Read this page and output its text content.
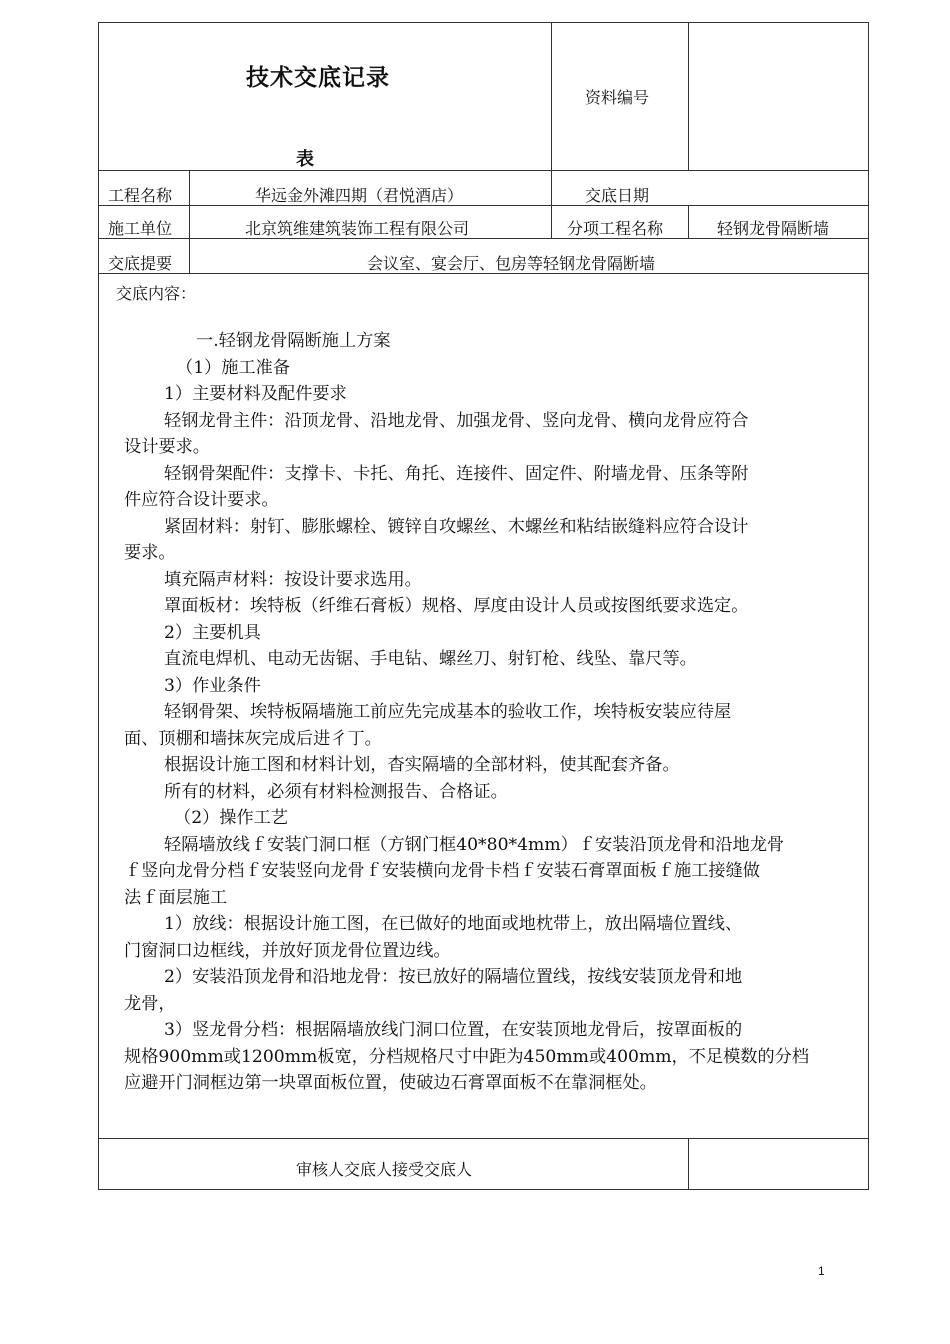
技术交底记录
表
资料编号
工程名称	华远金外滩四期（君悦酒店）	交底日期
施工单位	北京筑维建筑装饰工程有限公司	分项工程名称	轻钢龙骨隔断墙
交底提要	会议室、宴会厅、包房等轻钢龙骨隔断墙
交底内容：

一.轻钢龙骨隔断施丄方案

（1）施工准备

1）主要材料及配件要求

轻钢龙骨主件：沿顶龙骨、沿地龙骨、加强龙骨、竖向龙骨、横向龙骨应符合

设计要求。

轻钢骨架配件：支撑卡、卡托、角托、连接件、固定件、附墙龙骨、压条等附

件应符合设计要求。

紧固材料：射钉、膨胀螺栓、镀锌自攻螺丝、木螺丝和粘结嵌缝料应符合设计

要求。

填充隔声材料：按设计要求选用。

罩面板材：埃特板（纤维石膏板）规格、厚度由设计人员或按图纸要求选定。

2）主要机具

直流电焊机、电动无齿锯、手电钻、螺丝刀、射钉枪、线坠、靠尺等。

3）作业条件

轻钢骨架、埃特板隔墙施工前应先完成基本的验收工作，埃特板安装应待屋

面、顶棚和墙抹灰完成后进彳丁。

根据设计施工图和材料计划，杳实隔墙的全部材料，使其配套齐备。

所有的材料，必须有材料检测报告、合格证。

（2）操作工艺

轻隔墙放线ｆ安装门洞口框（方钢门框40*80*4mm）ｆ安装沿顶龙骨和沿地龙骨

ｆ竖向龙骨分档ｆ安装竖向龙骨ｆ安装横向龙骨卡档ｆ安装石膏罩面板ｆ施工接缝做

法ｆ面层施工

1）放线：根据设计施工图，在已做好的地面或地枕带上，放出隔墙位置线、

门窗洞口边框线，并放好顶龙骨位置边线。

2）安装沿顶龙骨和沿地龙骨：按已放好的隔墙位置线，按线安装顶龙骨和地

龙骨，

3）竖龙骨分档：根据隔墙放线门洞口位置，在安装顶地龙骨后，按罩面板的

规格900mm或1200mm板宽，分档规格尺寸中距为450mm或400mm，不足模数的分档

应避开门洞框边第一块罩面板位置，使破边石膏罩面板不在靠洞框处。

审核人交底人接受交底人
1
